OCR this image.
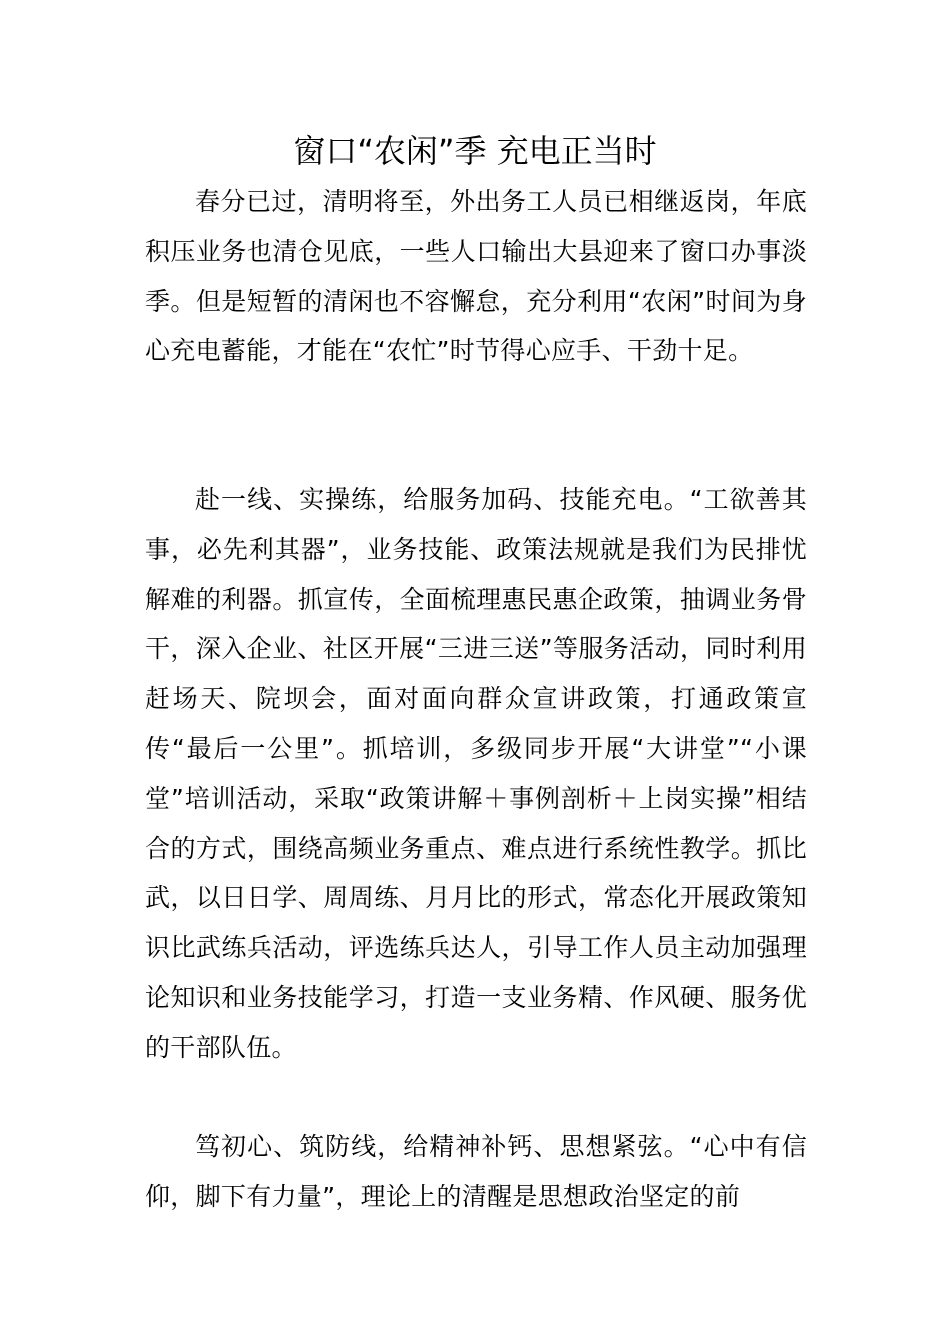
窗口“农闲”季 充电正当时

春分已过，清明将至，外出务工人员已相继返岗，年底积压业务也清仓见底，一些人口输出大县迎来了窗口办事淡季。但是短暂的清闲也不容懈怠，充分利用“农闲”时间为身心充电蓄能，才能在“农忙”时节得心应手、干劲十足。

赴一线、实操练，给服务加码、技能充电。“工欲善其事，必先利其器”，业务技能、政策法规就是我们为民排忧解难的利器。抓宣传，全面梳理惠民惠企政策，抽调业务骨干，深入企业、社区开展“三进三送”等服务活动，同时利用赶场天、院坝会，面对面向群众宣讲政策，打通政策宣传“最后一公里”。抓培训，多级同步开展“大讲堂”“小课堂”培训活动，采取“政策讲解＋事例剖析＋上岗实操”相结合的方式，围绕高频业务重点、难点进行系统性教学。抓比武，以日日学、周周练、月月比的形式，常态化开展政策知识比武练兵活动，评选练兵达人，引导工作人员主动加强理论知识和业务技能学习，打造一支业务精、作风硬、服务优的干部队伍。

笃初心、筑防线，给精神补钙、思想紧弦。“心中有信仰，脚下有力量”，理论上的清醒是思想政治坚定的前
